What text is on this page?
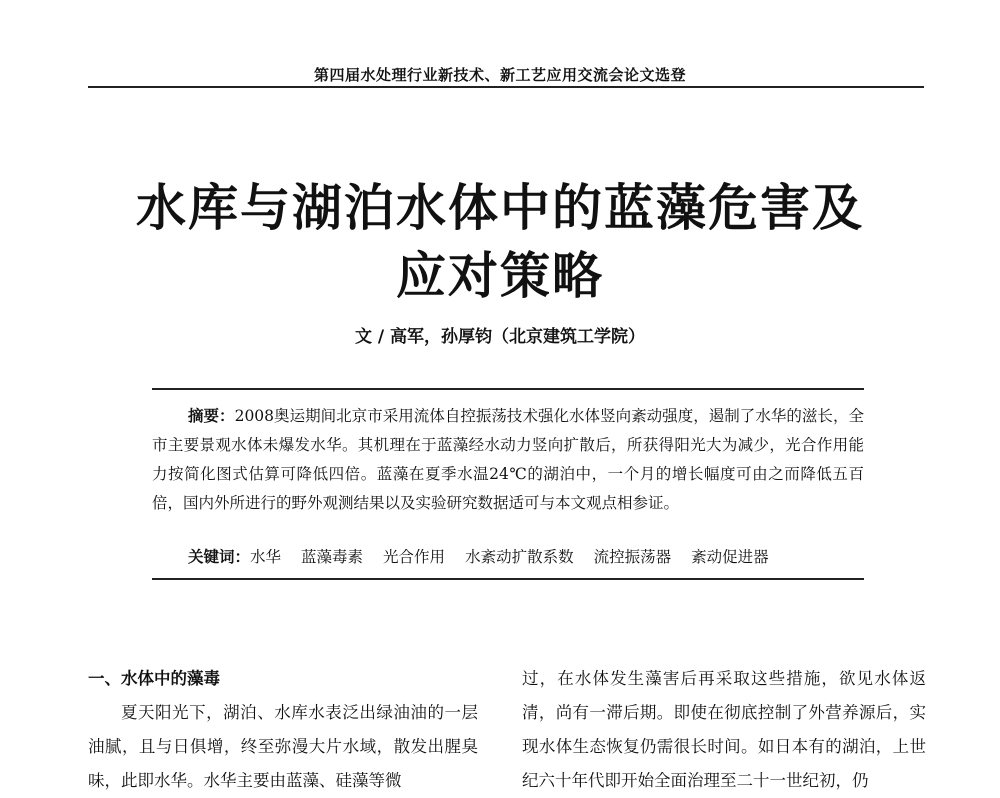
第四届水处理行业新技术、新工艺应用交流会论文选登
水库与湖泊水体中的蓝藻危害及
应对策略
文 / 高军，孙厚钧（北京建筑工学院）

摘要：2008奥运期间北京市采用流体自控振荡技术强化水体竖向紊动强度，遏制了水华的滋长，全市主要景观水体未爆发水华。其机理在于蓝藻经水动力竖向扩散后，所获得阳光大为减少，光合作用能力按简化图式估算可降低四倍。蓝藻在夏季水温24℃的湖泊中，一个月的增长幅度可由之而降低五百倍，国内外所进行的野外观测结果以及实验研究数据适可与本文观点相参证。

关键词：水华 蓝藻毒素 光合作用 水紊动扩散系数 流控振荡器 紊动促进器

一、水体中的藻毒

夏天阳光下，湖泊、水库水表泛出绿油油的一层油腻，且与日俱增，终至弥漫大片水域，散发出腥臭味，此即水华。水华主要由蓝藻、硅藻等微

过，在水体发生藻害后再采取这些措施，欲见水体返清，尚有一滞后期。即使在彻底控制了外营养源后，实现水体生态恢复仍需很长时间。如日本有的湖泊，上世纪六十年代即开始全面治理至二十一世纪初，仍
